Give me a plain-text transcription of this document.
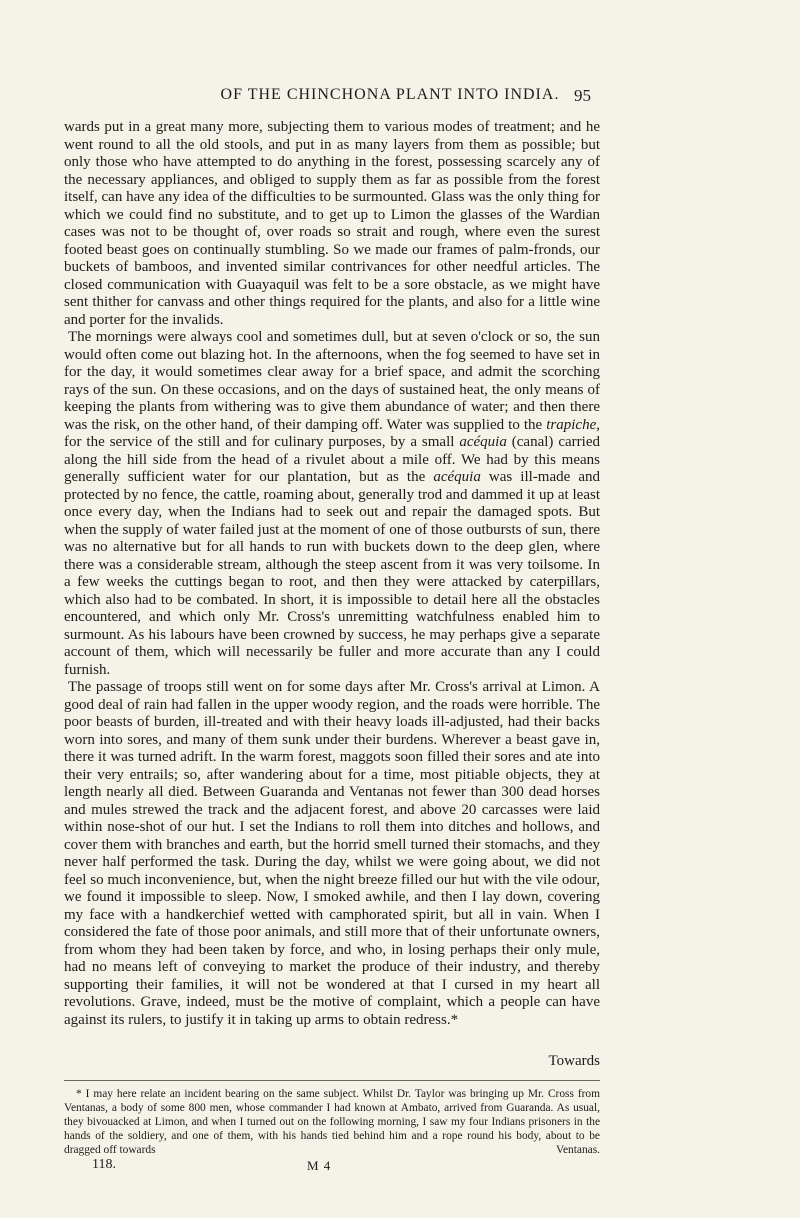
OF THE CHINCHONA PLANT INTO INDIA. 95

wards put in a great many more, subjecting them to various modes of treatment; and he went round to all the old stools, and put in as many layers from them as possible; but only those who have attempted to do anything in the forest, possessing scarcely any of the necessary appliances, and obliged to supply them as far as possible from the forest itself, can have any idea of the difficulties to be surmounted. Glass was the only thing for which we could find no substitute, and to get up to Limon the glasses of the Wardian cases was not to be thought of, over roads so strait and rough, where even the surest footed beast goes on continually stumbling. So we made our frames of palm-fronds, our buckets of bamboos, and invented similar contrivances for other needful articles. The closed communication with Guayaquil was felt to be a sore obstacle, as we might have sent thither for canvass and other things required for the plants, and also for a little wine and porter for the invalids.

The mornings were always cool and sometimes dull, but at seven o'clock or so, the sun would often come out blazing hot. In the afternoons, when the fog seemed to have set in for the day, it would sometimes clear away for a brief space, and admit the scorching rays of the sun. On these occasions, and on the days of sustained heat, the only means of keeping the plants from withering was to give them abundance of water; and then there was the risk, on the other hand, of their damping off. Water was supplied to the trapiche, for the service of the still and for culinary purposes, by a small acéquia (canal) carried along the hill side from the head of a rivulet about a mile off. We had by this means generally sufficient water for our plantation, but as the acéquia was ill-made and protected by no fence, the cattle, roaming about, generally trod and dammed it up at least once every day, when the Indians had to seek out and repair the damaged spots. But when the supply of water failed just at the moment of one of those outbursts of sun, there was no alternative but for all hands to run with buckets down to the deep glen, where there was a considerable stream, although the steep ascent from it was very toilsome. In a few weeks the cuttings began to root, and then they were attacked by caterpillars, which also had to be combated. In short, it is impossible to detail here all the obstacles encountered, and which only Mr. Cross's unremitting watchfulness enabled him to surmount. As his labours have been crowned by success, he may perhaps give a separate account of them, which will necessarily be fuller and more accurate than any I could furnish.

The passage of troops still went on for some days after Mr. Cross's arrival at Limon. A good deal of rain had fallen in the upper woody region, and the roads were horrible. The poor beasts of burden, ill-treated and with their heavy loads ill-adjusted, had their backs worn into sores, and many of them sunk under their burdens. Wherever a beast gave in, there it was turned adrift. In the warm forest, maggots soon filled their sores and ate into their very entrails; so, after wandering about for a time, most pitiable objects, they at length nearly all died. Between Guaranda and Ventanas not fewer than 300 dead horses and mules strewed the track and the adjacent forest, and above 20 carcasses were laid within nose-shot of our hut. I set the Indians to roll them into ditches and hollows, and cover them with branches and earth, but the horrid smell turned their stomachs, and they never half performed the task. During the day, whilst we were going about, we did not feel so much inconvenience, but, when the night breeze filled our hut with the vile odour, we found it impossible to sleep. Now, I smoked awhile, and then I lay down, covering my face with a handkerchief wetted with camphorated spirit, but all in vain. When I considered the fate of those poor animals, and still more that of their unfortunate owners, from whom they had been taken by force, and who, in losing perhaps their only mule, had no means left of conveying to market the produce of their industry, and thereby supporting their families, it will not be wondered at that I cursed in my heart all revolutions. Grave, indeed, must be the motive of complaint, which a people can have against its rulers, to justify it in taking up arms to obtain redress.*

Towards

* I may here relate an incident bearing on the same subject. Whilst Dr. Taylor was bringing up Mr. Cross from Ventanas, a body of some 800 men, whose commander I had known at Ambato, arrived from Guaranda. As usual, they bivouacked at Limon, and when I turned out on the following morning, I saw my four Indians prisoners in the hands of the soldiery, and one of them, with his hands tied behind him and a rope round his body, about to be dragged off towards	Ventanas.

118.	M 4
